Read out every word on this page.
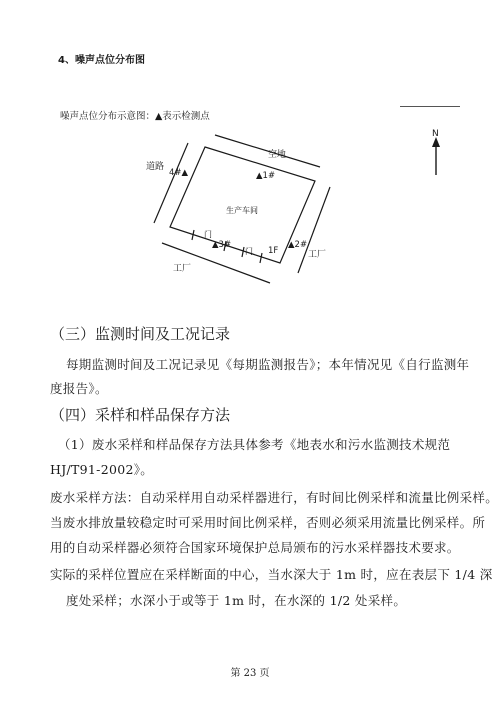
4、噪声点位分布图
噪声点位分布示意图：▲表示检测点
N
道路
空地
生产车间
▲1#
4#▲
▲3#	▲2#
门
门 1F
工厂
工厂
（三）监测时间及工况记录
每期监测时间及工况记录见《每期监测报告》；本年情况见《自行监测年
度报告》。
（四）采样和样品保存方法
（1）废水采样和样品保存方法具体参考《地表水和污水监测技术规范
HJ/T91-2002》。
废水采样方法：自动采样用自动采样器进行，有时间比例采样和流量比例采样。
当废水排放量较稳定时可采用时间比例采样，否则必须采用流量比例采样。所
用的自动采样器必须符合国家环境保护总局颁布的污水采样器技术要求。
实际的采样位置应在采样断面的中心，当水深大于 1m 时，应在表层下 1/4 深
度处采样；水深小于或等于 1m 时，在水深的 1/2 处采样。
第 23 页
